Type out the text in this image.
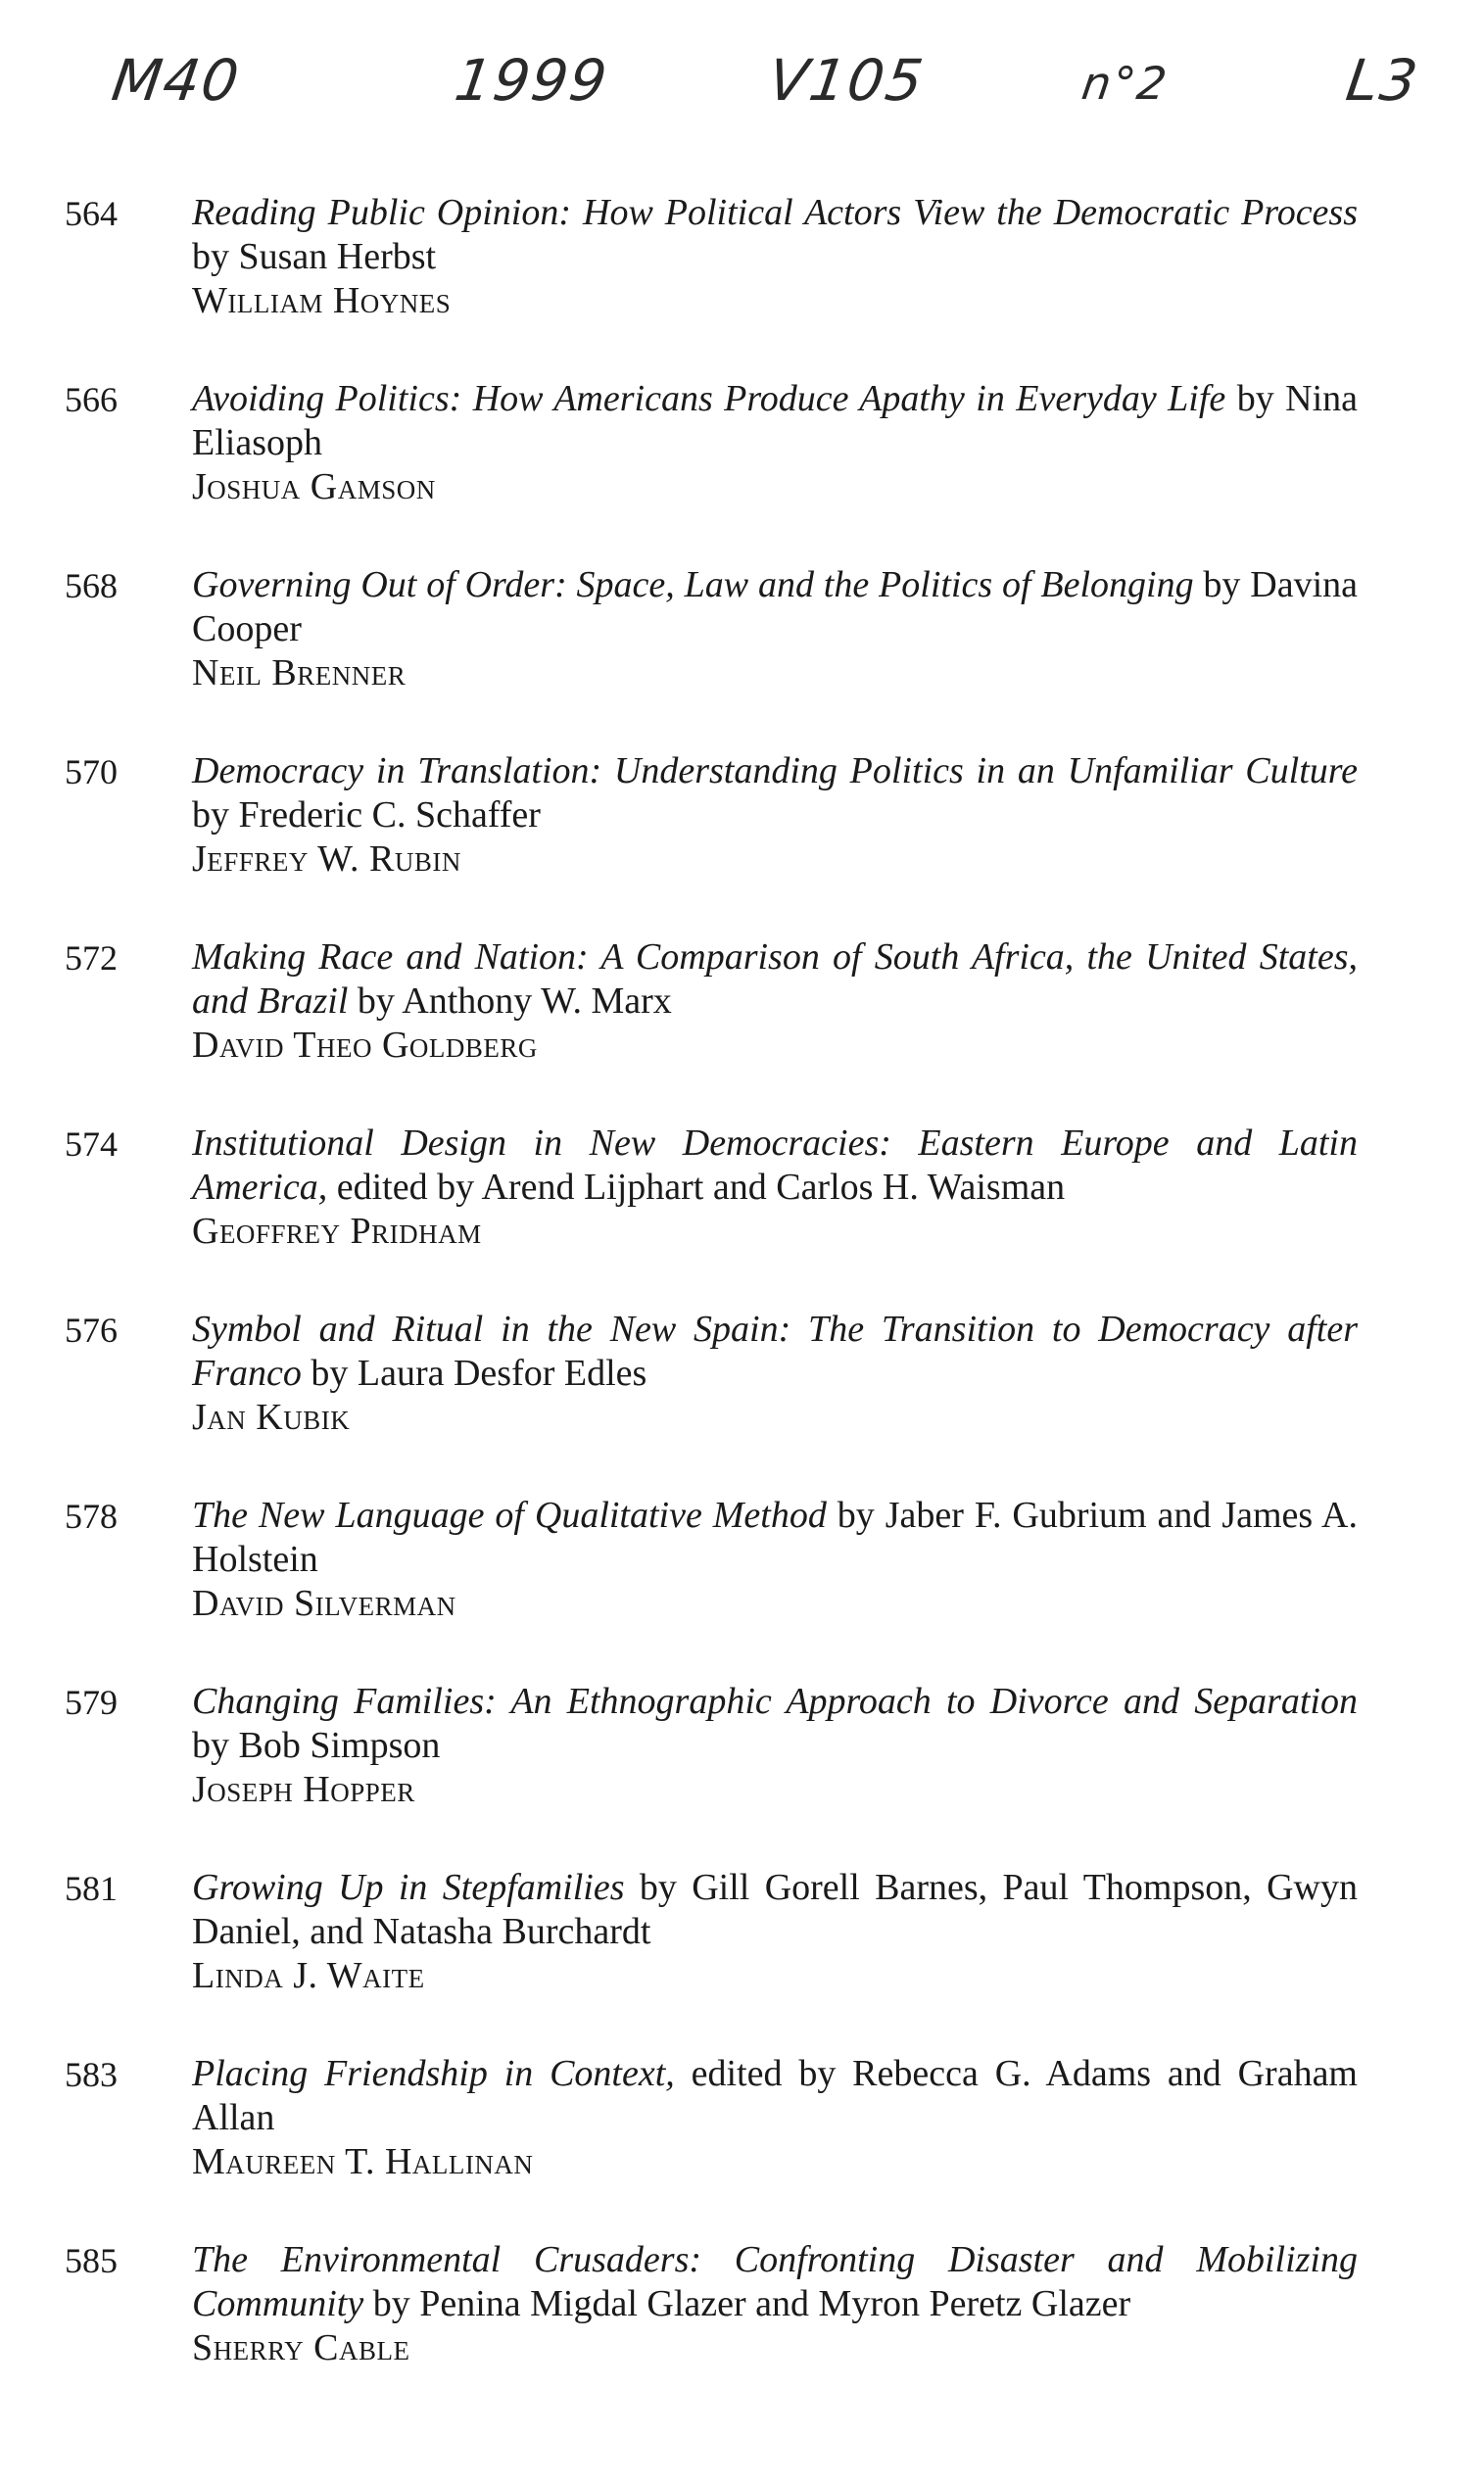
M40	1999	V105	n°2	L3
564	Reading Public Opinion: How Political Actors View the Democratic Process by Susan Herbst
William Hoynes
566	Avoiding Politics: How Americans Produce Apathy in Everyday Life by Nina Eliasoph
Joshua Gamson
568	Governing Out of Order: Space, Law and the Politics of Belonging by Davina Cooper
Neil Brenner
570	Democracy in Translation: Understanding Politics in an Unfamiliar Culture by Frederic C. Schaffer
Jeffrey W. Rubin
572	Making Race and Nation: A Comparison of South Africa, the United States, and Brazil by Anthony W. Marx
David Theo Goldberg
574	Institutional Design in New Democracies: Eastern Europe and Latin America, edited by Arend Lijphart and Carlos H. Waisman
Geoffrey Pridham
576	Symbol and Ritual in the New Spain: The Transition to Democracy after Franco by Laura Desfor Edles
Jan Kubik
578	The New Language of Qualitative Method by Jaber F. Gubrium and James A. Holstein
David Silverman
579	Changing Families: An Ethnographic Approach to Divorce and Separation by Bob Simpson
Joseph Hopper
581	Growing Up in Stepfamilies by Gill Gorell Barnes, Paul Thompson, Gwyn Daniel, and Natasha Burchardt
Linda J. Waite
583	Placing Friendship in Context, edited by Rebecca G. Adams and Graham Allan
Maureen T. Hallinan
585	The Environmental Crusaders: Confronting Disaster and Mobilizing Community by Penina Migdal Glazer and Myron Peretz Glazer
Sherry Cable
